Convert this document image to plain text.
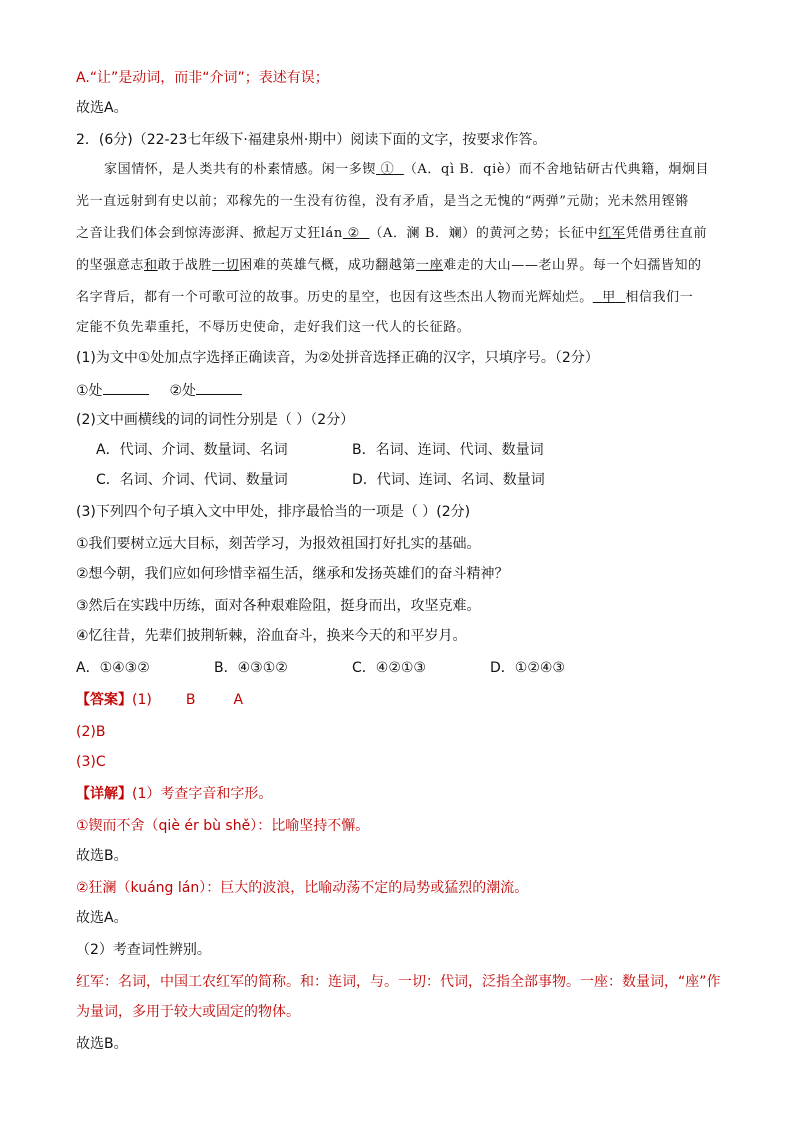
A.“让”是动词，而非“介词”；表述有误；
故选A。
2．(6分)（22-23七年级下·福建泉州·期中）阅读下面的文字，按要求作答。
家国情怀，是人类共有的朴素情感。闲一多锲 ① （A．qì B．qiè）而不舍地钻研古代典籍，炯炯目
光一直远射到有史以前；邓稼先的一生没有彷徨，没有矛盾，是当之无愧的“两弹”元勋；光未然用铿锵
之音让我们体会到惊涛澎湃、掀起万丈狂lán ② （A．澜 B．斓）的黄河之势；长征中红军凭借勇往直前
的坚强意志和敢于战胜一切困难的英雄气概，成功翻越第一座难走的大山——老山界。每一个妇孺皆知的
名字背后，都有一个可歌可泣的故事。历史的星空，也因有这些杰出人物而光辉灿烂。 甲 相信我们一
定能不负先辈重托，不辱历史使命，走好我们这一代人的长征路。
(1)为文中①处加点字选择正确读音，为②处拼音选择正确的汉字，只填序号。（2分）
①处	②处
(2)文中画横线的词的词性分别是（ ）（2分）
A．代词、介词、数量词、名词	B．名词、连词、代词、数量词
C．名词、介词、代词、数量词	D．代词、连词、名词、数量词
(3)下列四个句子填入文中甲处，排序最恰当的一项是（ ）(2分)
①我们要树立远大目标，刻苦学习，为报效祖国打好扎实的基础。
②想今朝，我们应如何珍惜幸福生活，继承和发扬英雄们的奋斗精神？
③然后在实践中历练，面对各种艰难险阻，挺身而出，攻坚克难。
④忆往昔，先辈们披荆斩棘，浴血奋斗，换来今天的和平岁月。
A．①④③②	B．④③①②	C．④②①③	D．①②④③
【答案】(1) B	A
(2)B
(3)C
【详解】(1）考查字音和字形。
①锲而不舍（qiè ér bù shě）：比喻坚持不懈。
故选B。
②狂澜（kuáng lán）：巨大的波浪，比喻动荡不定的局势或猛烈的潮流。
故选A。
（2）考查词性辨别。
红军：名词，中国工农红军的简称。和：连词，与。一切：代词，泛指全部事物。一座：数量词，“座”作
为量词，多用于较大或固定的物体。
故选B。
